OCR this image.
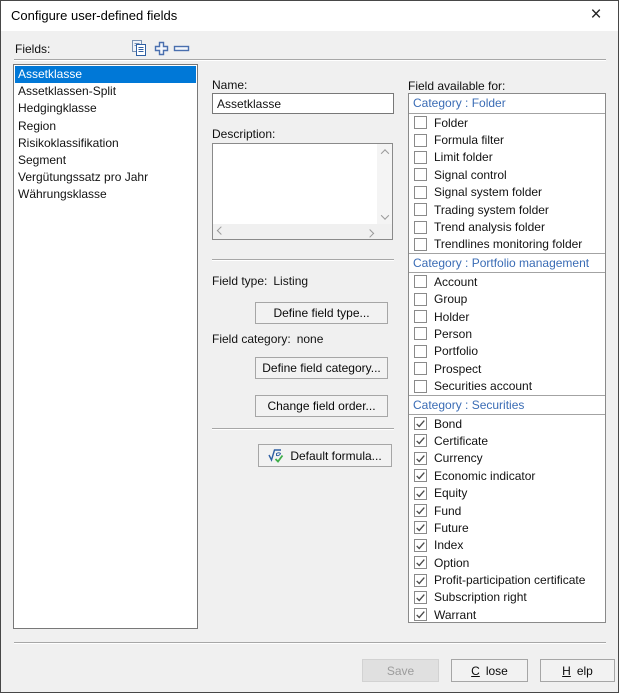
Configure user-defined fields	×
Fields:
Assetklasse
Assetklassen-Split
Hedgingklasse
Region
Risikoklassifikation
Segment
Vergütungssatz pro Jahr
Währungsklasse
Name:
Assetklasse
Description:
Field type: Listing
Define field type...
Field category: none
Define field category...
Change field order...
Default formula...
Field available for:
Category : Folder
Folder
Formula filter
Limit folder
Signal control
Signal system folder
Trading system folder
Trend analysis folder
Trendlines monitoring folder
Category : Portfolio management
Account
Group
Holder
Person
Portfolio
Prospect
Securities account
Category : Securities
Bond
Certificate
Currency
Economic indicator
Equity
Fund
Future
Index
Option
Profit-participation certificate
Subscription right
Warrant
Save	C lose	H elp
